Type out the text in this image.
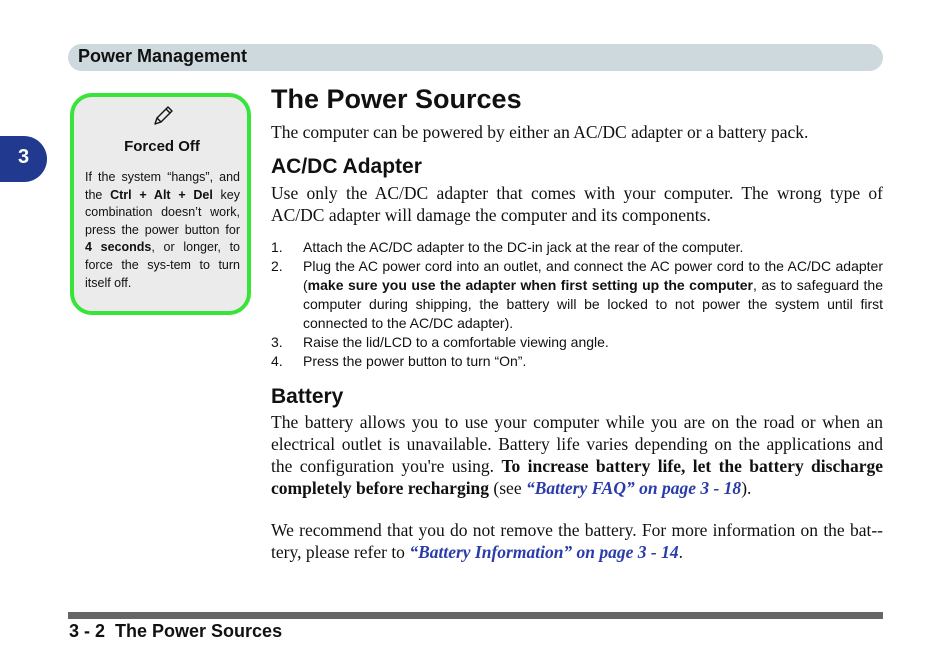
Power Management
3	Forced Off
If the system “hangs”, and the Ctrl + Alt + Del key combination doesn’t work, press the power button for 4 seconds, or longer, to force the sys-tem to turn itself off.
The Power Sources

The computer can be powered by either an AC/DC adapter or a battery pack.

AC/DC Adapter

Use only the AC/DC adapter that comes with your computer. The wrong type of AC/DC adapter will damage the computer and its components.

1. Attach the AC/DC adapter to the DC-in jack at the rear of the computer.
2. Plug the AC power cord into an outlet, and connect the AC power cord to the AC/DC adapter (make sure you use the adapter when first setting up the computer, as to safeguard the computer during shipping, the battery will be locked to not power the system until first connected to the AC/DC adapter).
3. Raise the lid/LCD to a comfortable viewing angle.
4. Press the power button to turn “On”.
Battery

The battery allows you to use your computer while you are on the road or when an electrical outlet is unavailable. Battery life varies depending on the applications and the configuration you're using. To increase battery life, let the battery discharge completely before recharging (see “Battery FAQ” on page 3 - 18).

We recommend that you do not remove the battery. For more information on the bat-tery, please refer to “Battery Information” on page 3 - 14.

3 - 2  The Power Sources
